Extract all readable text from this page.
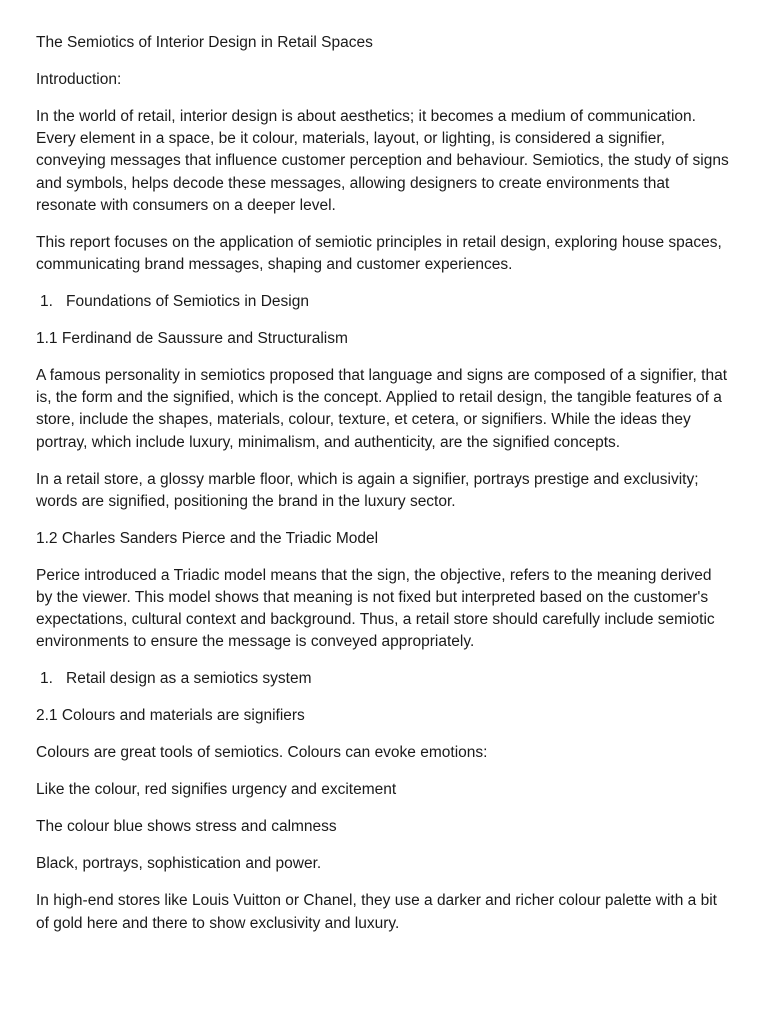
The Semiotics of Interior Design in Retail Spaces

Introduction:

In the world of retail, interior design is about aesthetics; it becomes a medium of communication. Every element in a space, be it colour, materials, layout, or lighting, is considered a signifier, conveying messages that influence customer perception and behaviour. Semiotics, the study of signs and symbols, helps decode these messages, allowing designers to create environments that resonate with consumers on a deeper level.

This report focuses on the application of semiotic principles in retail design, exploring house spaces, communicating brand messages, shaping and customer experiences.

1. Foundations of Semiotics in Design

1.1 Ferdinand de Saussure and Structuralism

A famous personality in semiotics proposed that language and signs are composed of a signifier, that is, the form and the signified, which is the concept. Applied to retail design, the tangible features of a store, include the shapes, materials, colour, texture, et cetera, or signifiers. While the ideas they portray, which include luxury, minimalism, and authenticity, are the signified concepts.

In a retail store, a glossy marble floor, which is again a signifier, portrays prestige and exclusivity; words are signified, positioning the brand in the luxury sector.

1.2 Charles Sanders Pierce and the Triadic Model

Perice introduced a Triadic model means that the sign, the objective, refers to the meaning derived by the viewer. This model shows that meaning is not fixed but interpreted based on the customer's expectations, cultural context and background. Thus, a retail store should carefully include semiotic environments to ensure the message is conveyed appropriately.

1. Retail design as a semiotics system

2.1 Colours and materials are signifiers

Colours are great tools of semiotics. Colours can evoke emotions:

Like the colour, red signifies urgency and excitement

The colour blue shows stress and calmness

Black, portrays, sophistication and power.

In high-end stores like Louis Vuitton or Chanel, they use a darker and richer colour palette with a bit of gold here and there to show exclusivity and luxury.
